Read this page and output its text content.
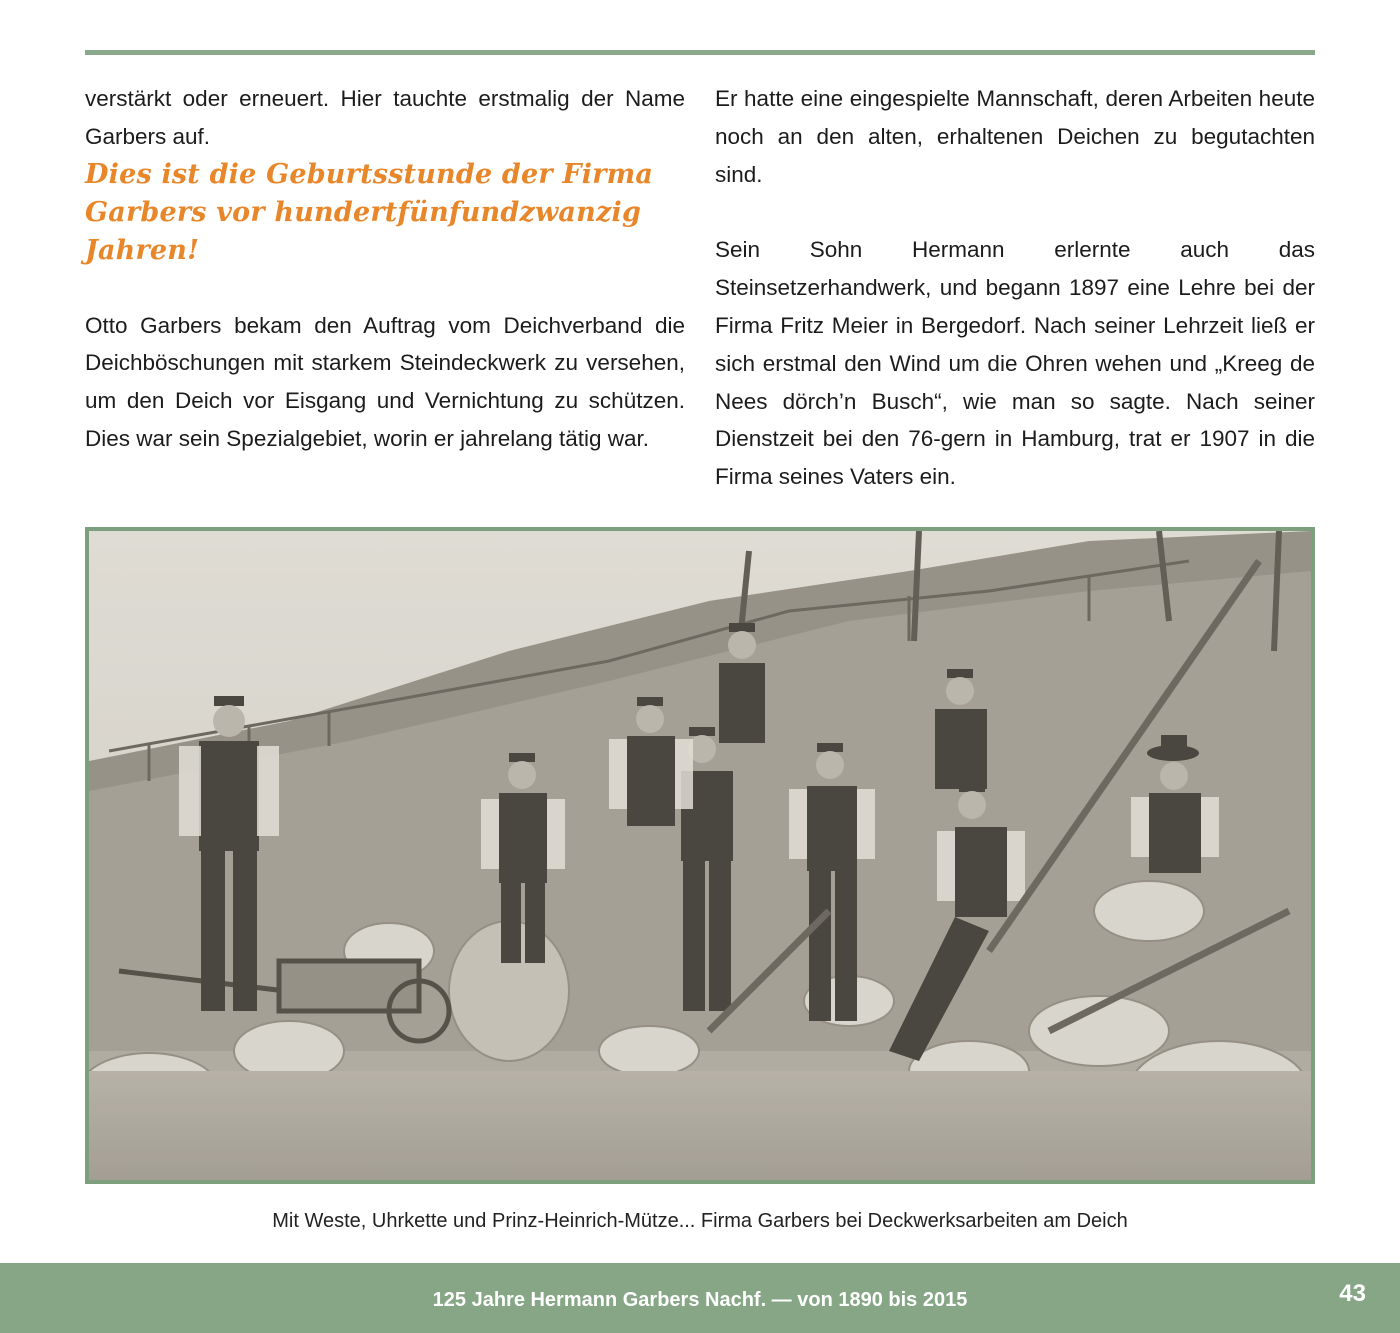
verstärkt oder erneuert. Hier tauchte erstmalig der Name Garbers auf.

Dies ist die Geburtsstunde der Firma Garbers vor hundertfünfundzwanzig Jahren!

Otto Garbers bekam den Auftrag vom Deichverband die Deichböschungen mit starkem Steindeckwerk zu versehen, um den Deich vor Eisgang und Vernichtung zu schützen. Dies war sein Spezialgebiet, worin er jahrelang tätig war.

Er hatte eine eingespielte Mannschaft, deren Arbeiten heute noch an den alten, erhaltenen Deichen zu begutachten sind.

Sein Sohn Hermann erlernte auch das Steinsetzerhandwerk, und begann 1897 eine Lehre bei der Firma Fritz Meier in Bergedorf. Nach seiner Lehrzeit ließ er sich erstmal den Wind um die Ohren wehen und „Kreeg de Nees dörch’n Busch“, wie man so sagte. Nach seiner Dienstzeit bei den 76-gern in Hamburg, trat er 1907 in die Firma seines Vaters ein.

Mit Weste, Uhrkette und Prinz-Heinrich-Mütze... Firma Garbers bei Deckwerksarbeiten am Deich
125 Jahre Hermann Garbers Nachf. — von 1890 bis 2015	43
